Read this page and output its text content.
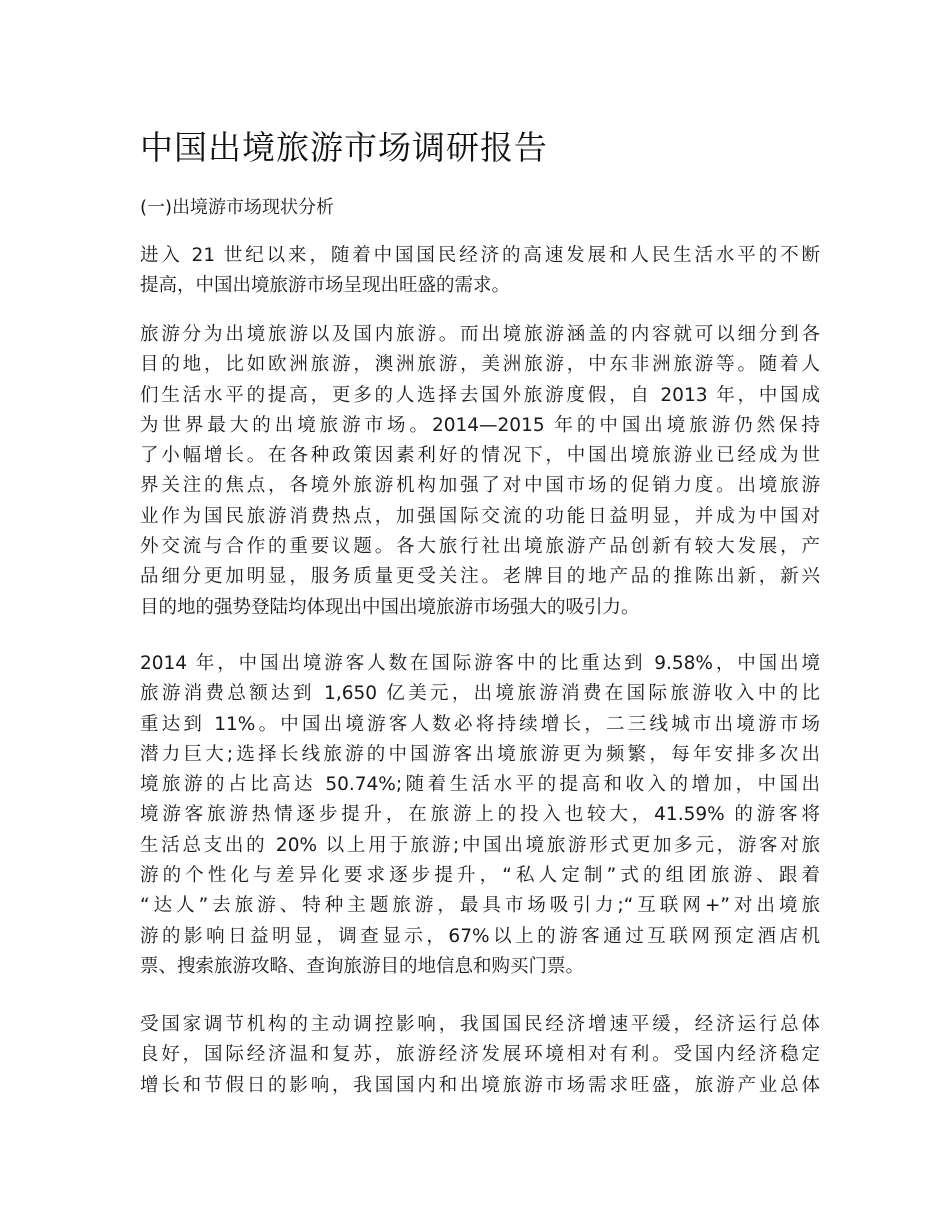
中国出境旅游市场调研报告
(一)出境游市场现状分析
进入 21 世纪以来，随着中国国民经济的高速发展和人民生活水平的不断
提高，中国出境旅游市场呈现出旺盛的需求。
旅游分为出境旅游以及国内旅游。而出境旅游涵盖的内容就可以细分到各
目的地，比如欧洲旅游，澳洲旅游，美洲旅游，中东非洲旅游等。随着人
们生活水平的提高，更多的人选择去国外旅游度假，自 2013 年，中国成
为世界最大的出境旅游市场。2014—2015 年的中国出境旅游仍然保持
了小幅增长。在各种政策因素利好的情况下，中国出境旅游业已经成为世
界关注的焦点，各境外旅游机构加强了对中国市场的促销力度。出境旅游
业作为国民旅游消费热点，加强国际交流的功能日益明显，并成为中国对
外交流与合作的重要议题。各大旅行社出境旅游产品创新有较大发展，产
品细分更加明显，服务质量更受关注。老牌目的地产品的推陈出新，新兴
目的地的强势登陆均体现出中国出境旅游市场强大的吸引力。
2014 年，中国出境游客人数在国际游客中的比重达到 9.58%，中国出境
旅游消费总额达到 1,650 亿美元，出境旅游消费在国际旅游收入中的比
重达到 11%。中国出境游客人数必将持续增长，二三线城市出境游市场
潜力巨大;选择长线旅游的中国游客出境旅游更为频繁，每年安排多次出
境旅游的占比高达 50.74%;随着生活水平的提高和收入的增加，中国出
境游客旅游热情逐步提升，在旅游上的投入也较大，41.59% 的游客将
生活总支出的 20% 以上用于旅游;中国出境旅游形式更加多元，游客对旅
游的个性化与差异化要求逐步提升，“私人定制”式的组团旅游、跟着
“达人”去旅游、特种主题旅游，最具市场吸引力;“互联网+”对出境旅
游的影响日益明显，调查显示，67%以上的游客通过互联网预定酒店机
票、搜索旅游攻略、查询旅游目的地信息和购买门票。
受国家调节机构的主动调控影响，我国国民经济增速平缓，经济运行总体
良好，国际经济温和复苏，旅游经济发展环境相对有利。受国内经济稳定
增长和节假日的影响，我国国内和出境旅游市场需求旺盛，旅游产业总体
